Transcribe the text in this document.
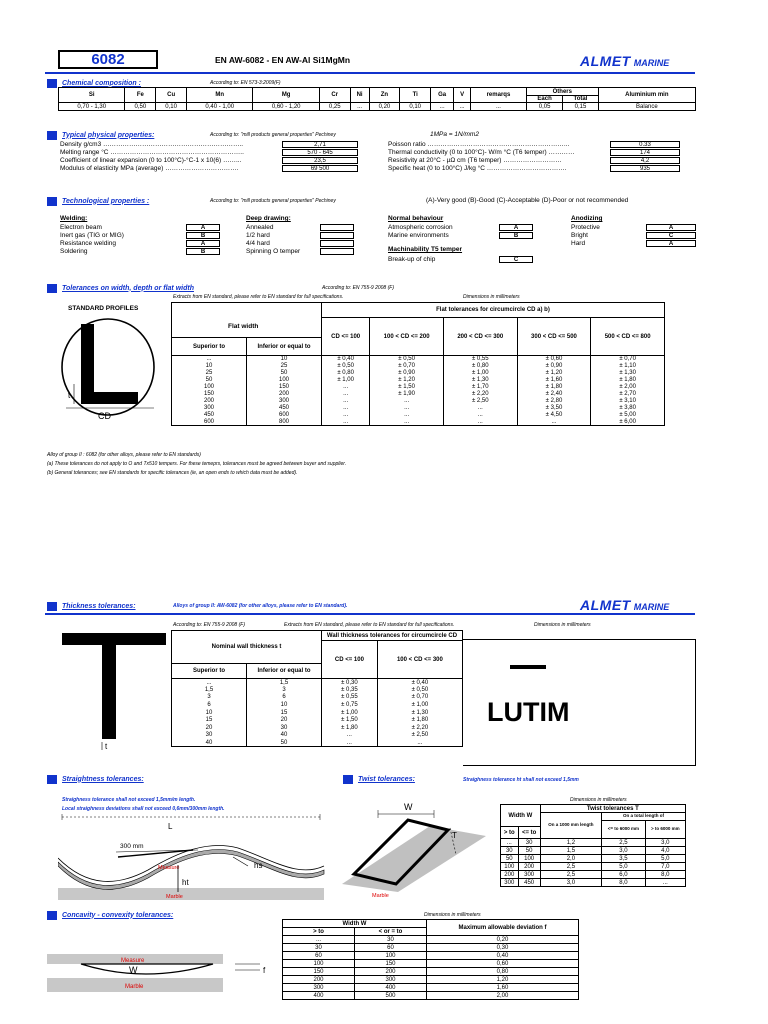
6082	EN AW-6082 - EN AW-Al Si1MgMn	ALMET MARINE
Chemical composition :	According to: EN 573-3:2009(F)
Si	Fe	Cu	Mn	Mg	Cr	Ni	Zn	Ti	Ga	V	remarqs	Others		Aluminium min
												Each	Total	
0,70 - 1,30	0,50	0,10	0,40 - 1,00	0,60 - 1,20	0,25	...	0,20	0,10	...	...	...	0,05	0,15	Balance
Typical physical properties:	According to: "mill products general properties" Pechiney	1MPa = 1N/mm2
Density g/cm3 ………………………………………………………..	2,71
Melting range °C ……………………………………………………..	570 - 645
Coefficient of linear expansion (0 to 100°C)-°C-1 x 10(6) ……...	23,5
Modulus of elasticity MPa (average) …………………………….	69 500
Poisson ratio ………………………………………………………...	0.33
Thermal conductivity (0 to 100°C)- W/m °C (T6 temper) …………	174
Resistivity at 20°C - µΩ cm (T6 temper) ………………………	4,2
Specific heat (0 to 100°C) J/kg °C ……………………………….	935
Technological properties :	According to: "mill products general properties" Pechiney	(A)-Very good (B)-Good (C)-Acceptable (D)-Poor or not recommended
Welding:
Electron beam	A
Inert gas (TIG or MIG)	B
Resistance welding	A
Soldering	B
Deep drawing:
Annealed
1/2 hard
4/4 hard
Spinning O temper
Normal behaviour
Atmospheric corrosion	A
Marine environments	B
Anodizing
Protective	A
Bright	C
Hard	A
Machinability T5 temper
Break-up of chip	C
Tolerances on width, depth or flat width	According to: EN 755-9 2008 (F)
Extracts from EN standard, please refer to EN standard for full specifications.	Dimensions in millimeters
STANDARD PROFILES
t
CD
		Flat tolerances for circumcircle CD a) b)				
		CD <= 100	100 < CD <= 200	200 < CD <= 300	300 < CD <= 500	500 < CD <= 800
Superior to	Inferior or equal to					
...	10	± 0,40	± 0,50	± 0,55	± 0,60	± 0,70
10	25	± 0,50	± 0,70	± 0,80	± 0,90	± 1,10
25	50	± 0,80	± 0,90	± 1,00	± 1,20	± 1,30
50	100	± 1,00	± 1,20	± 1,30	± 1,60	± 1,80
100	150	...	± 1,50	± 1,70	± 1,80	± 2,00
150	200	...	± 1,90	± 2,20	± 2,40	± 2,70
200	300	...	...	± 2,50	± 2,80	± 3,10
300	450	...	...	...	± 3,50	± 3,80
450	600	...	...	...	± 4,50	± 5,00
600	800	...	...	...	...	± 6,00
Flat width
Alloy of group II : 6082 (for other alloys, please refer to EN standards)
(a) These tolerances do not apply to O and Tx510 tempers. For these temeprs, tolerances must be agreed between buyer and supplier.
(b) General tolerances; see EN standards for specific tolerances (ie, an open ends to which data must be added).
Thickness tolerances:	Alloys of group II: AW-6082 (for other alloys, please refer to EN standard).	ALMET MARINE
According to: EN 755-9 2008 (F)	Extracts from EN standard, please refer to EN standard for full specifications.	Dimensions in millimeters
t
Nominal wall thickness t		Wall thickness tolerances for circumcircle CD	
		CD <= 100	100 < CD <= 300
Superior to	Inferior or equal to		
...	1,5	± 0,30	± 0,40
1,5	3	± 0,35	± 0,50
3	6	± 0,55	± 0,70
6	10	± 0,75	± 1,00
10	15	± 1,00	± 1,30
15	20	± 1,50	± 1,80
20	30	± 1,80	± 2,20
30	40	...	± 2,50
40	50	...	...
LUTIM
Straightness tolerances:
Straighness tolerance shall not exceed 1,5mm/m length.
Local straighness deviations shall not exceed 0,6mm/300mm length.
L
300 mm
Measure	hs
ht
Marble
Twist tolerances:	Straighness tolerance ht shall not exceed 1,5mm
Dimensions in millimeters
W
T
Marble
Width W		Twist tolerances T		
		On a 1000 mm length	On a total length of	
			<= to 6000 mm	> to 6000 mm
> to	<= to			
...	30	1,2	2,5	3,0
30	50	1,5	3,0	4,0
50	100	2,0	3,5	5,0
100	200	2,5	5,0	7,0
200	300	2,5	6,0	8,0
300	450	3,0	8,0	...
Concavity - convexity tolerances:	Dimensions in millimeters
Measure
W
Marble
f
Width W		Maximum allowable deviation f
> to	< or = to	
...	30	0,20
30	60	0,30
60	100	0,40
100	150	0,60
150	200	0,80
200	300	1,20
300	400	1,60
400	500	2,00
